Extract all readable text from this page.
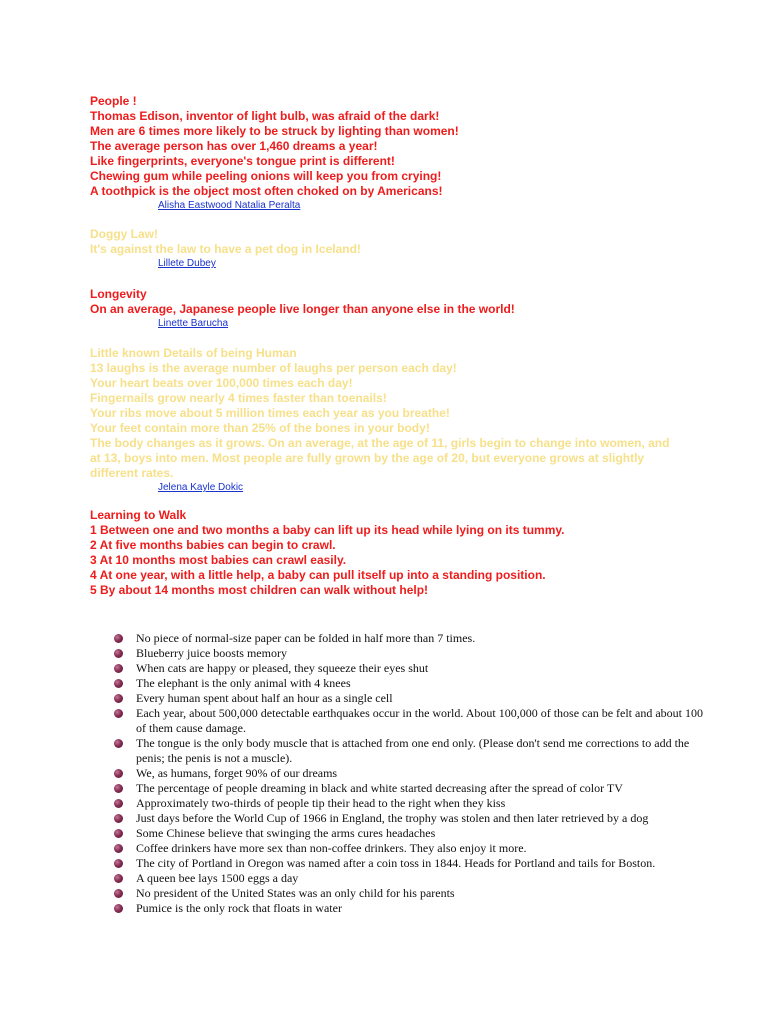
People !
Thomas Edison, inventor of light bulb, was afraid of the dark!
Men are 6 times more likely to be struck by lighting than women!
The average person has over 1,460 dreams a year!
Like fingerprints, everyone's tongue print is different!
Chewing gum while peeling onions will keep you from crying!
A toothpick is the object most often choked on by Americans!
Alisha Eastwood Natalia Peralta
Doggy Law!
It's against the law to have a pet dog in Iceland!
Lillete Dubey
Longevity
On an average, Japanese people live longer than anyone else in the world!
Linette Barucha
Little known Details of being Human
13 laughs is the average number of laughs per person each day!
Your heart beats over 100,000 times each day!
Fingernails grow nearly 4 times faster than toenails!
Your ribs move about 5 million times each year as you breathe!
Your feet contain more than 25% of the bones in your body!
The body changes as it grows. On an average, at the age of 11, girls begin to change into women, and at 13, boys into men. Most people are fully grown by the age of 20, but everyone grows at slightly different rates.
Jelena Kayle Dokic
Learning to Walk
1 Between one and two months a baby can lift up its head while lying on its tummy.
2 At five months babies can begin to crawl.
3 At 10 months most babies can crawl easily.
4 At one year, with a little help, a baby can pull itself up into a standing position.
5 By about 14 months most children can walk without help!
No piece of normal-size paper can be folded in half more than 7 times.
Blueberry juice boosts memory
When cats are happy or pleased, they squeeze their eyes shut
The elephant is the only animal with 4 knees
Every human spent about half an hour as a single cell
Each year, about 500,000 detectable earthquakes occur in the world. About 100,000 of those can be felt and about 100 of them cause damage.
The tongue is the only body muscle that is attached from one end only. (Please don't send me corrections to add the penis; the penis is not a muscle).
We, as humans, forget 90% of our dreams
The percentage of people dreaming in black and white started decreasing after the spread of color TV
Approximately two-thirds of people tip their head to the right when they kiss
Just days before the World Cup of 1966 in England, the trophy was stolen and then later retrieved by a dog
Some Chinese believe that swinging the arms cures headaches
Coffee drinkers have more sex than non-coffee drinkers. They also enjoy it more.
The city of Portland in Oregon was named after a coin toss in 1844. Heads for Portland and tails for Boston.
A queen bee lays 1500 eggs a day
No president of the United States was an only child for his parents
Pumice is the only rock that floats in water
